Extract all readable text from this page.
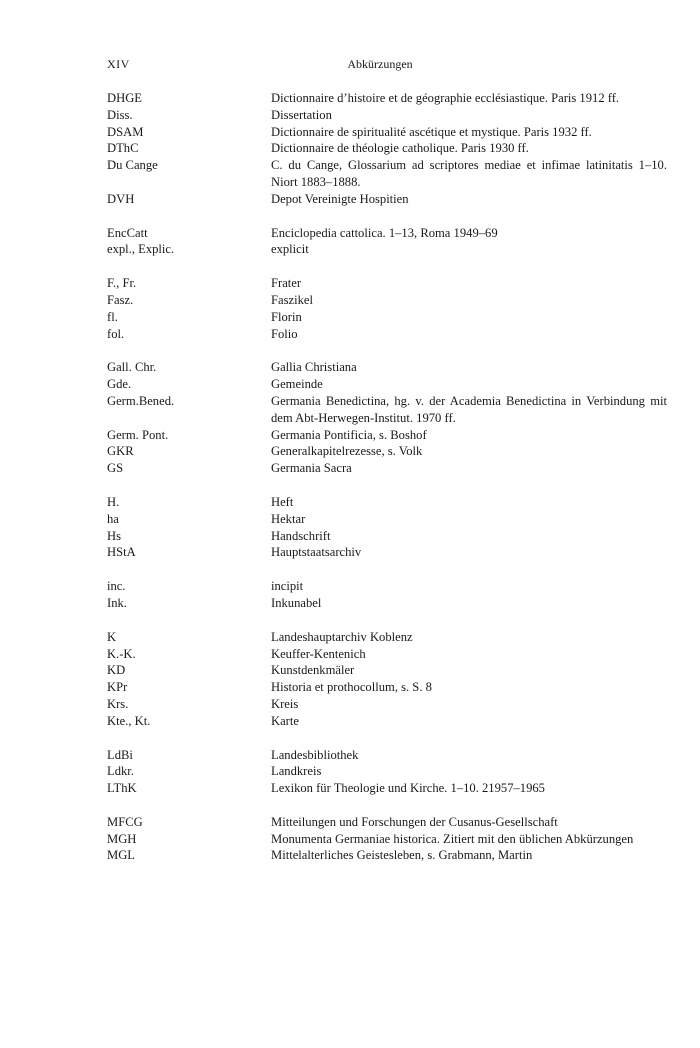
XIV	Abkürzungen
DHGE	Dictionnaire d’histoire et de géographie ecclésiastique. Paris 1912 ff.
Diss.	Dissertation
DSAM	Dictionnaire de spiritualité ascétique et mystique. Paris 1932 ff.
DThC	Dictionnaire de théologie catholique. Paris 1930 ff.
Du Cange	C. du Cange, Glossarium ad scriptores mediae et infimae latinitatis 1–10. Niort 1883–1888.
DVH	Depot Vereinigte Hospitien
EncCatt	Enciclopedia cattolica. 1–13, Roma 1949–69
expl., Explic.	explicit
F., Fr.	Frater
Fasz.	Faszikel
fl.	Florin
fol.	Folio
Gall. Chr.	Gallia Christiana
Gde.	Gemeinde
Germ.Bened.	Germania Benedictina, hg. v. der Academia Benedictina in Verbindung mit dem Abt-Herwegen-Institut. 1970 ff.
Germ. Pont.	Germania Pontificia, s. Boshof
GKR	Generalkapitelrezesse, s. Volk
GS	Germania Sacra
H.	Heft
ha	Hektar
Hs	Handschrift
HStA	Hauptstaatsarchiv
inc.	incipit
Ink.	Inkunabel
K	Landeshauptarchiv Koblenz
K.-K.	Keuffer-Kentenich
KD	Kunstdenkmäler
KPr	Historia et prothocollum, s. S. 8
Krs.	Kreis
Kte., Kt.	Karte
LdBi	Landesbibliothek
Ldkr.	Landkreis
LThK	Lexikon für Theologie und Kirche. 1–10. 21957–1965
MFCG	Mitteilungen und Forschungen der Cusanus-Gesellschaft
MGH	Monumenta Germaniae historica. Zitiert mit den üblichen Abkürzungen
MGL	Mittelalterliches Geistesleben, s. Grabmann, Martin
